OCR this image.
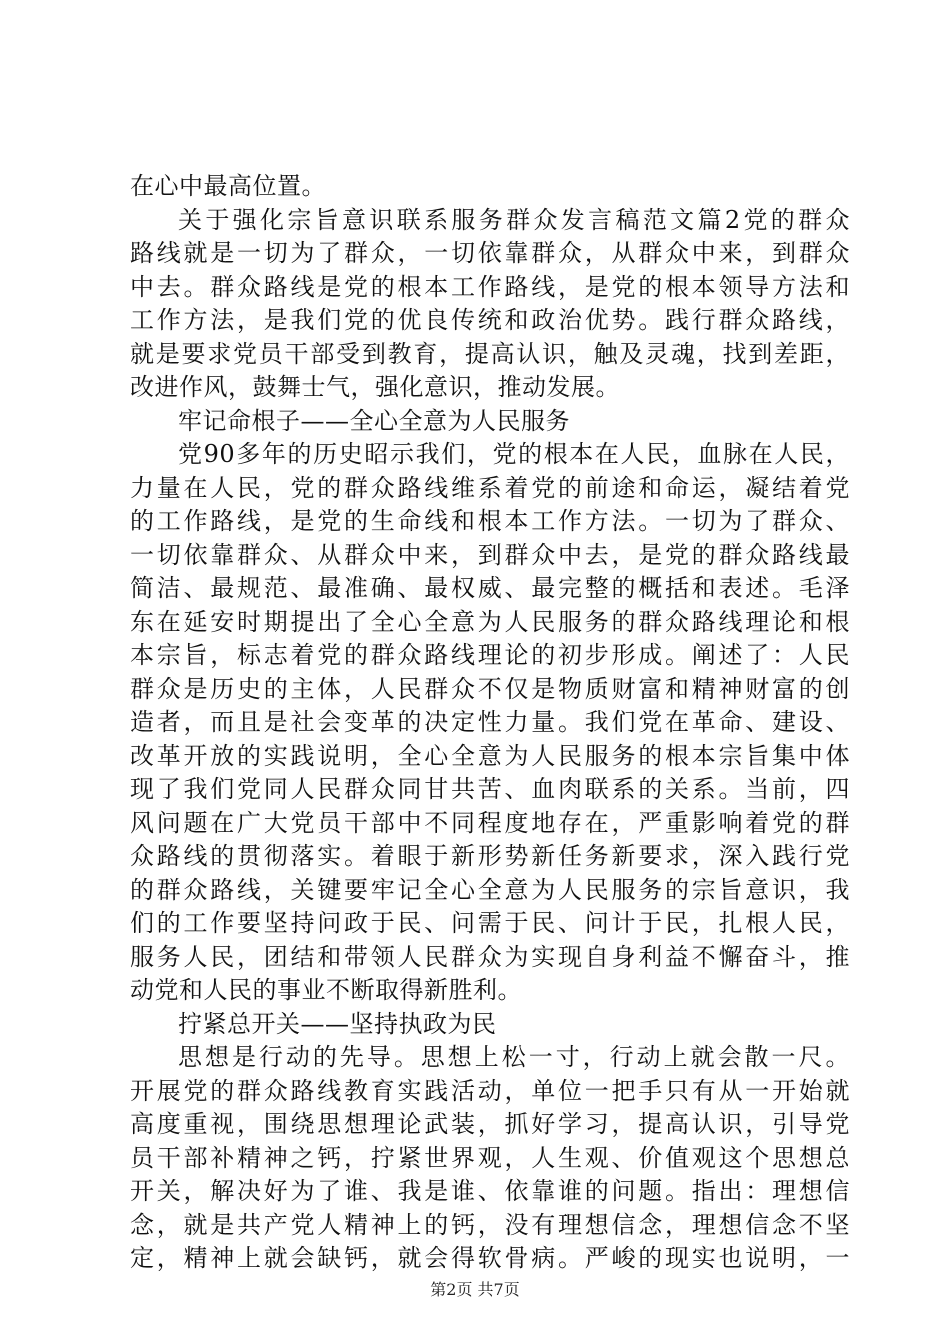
在心中最高位置。
关于强化宗旨意识联系服务群众发言稿范文篇2党的群众
路线就是一切为了群众，一切依靠群众，从群众中来，到群众
中去。群众路线是党的根本工作路线，是党的根本领导方法和
工作方法，是我们党的优良传统和政治优势。践行群众路线，
就是要求党员干部受到教育，提高认识，触及灵魂，找到差距，
改进作风，鼓舞士气，强化意识，推动发展。
牢记命根子——全心全意为人民服务
党90多年的历史昭示我们，党的根本在人民，血脉在人民，
力量在人民，党的群众路线维系着党的前途和命运，凝结着党
的工作路线，是党的生命线和根本工作方法。一切为了群众、
一切依靠群众、从群众中来，到群众中去，是党的群众路线最
简洁、最规范、最准确、最权威、最完整的概括和表述。毛泽
东在延安时期提出了全心全意为人民服务的群众路线理论和根
本宗旨，标志着党的群众路线理论的初步形成。阐述了：人民
群众是历史的主体，人民群众不仅是物质财富和精神财富的创
造者，而且是社会变革的决定性力量。我们党在革命、建设、
改革开放的实践说明，全心全意为人民服务的根本宗旨集中体
现了我们党同人民群众同甘共苦、血肉联系的关系。当前，四
风问题在广大党员干部中不同程度地存在，严重影响着党的群
众路线的贯彻落实。着眼于新形势新任务新要求，深入践行党
的群众路线，关键要牢记全心全意为人民服务的宗旨意识，我
们的工作要坚持问政于民、问需于民、问计于民，扎根人民，
服务人民，团结和带领人民群众为实现自身利益不懈奋斗，推
动党和人民的事业不断取得新胜利。
拧紧总开关——坚持执政为民
思想是行动的先导。思想上松一寸，行动上就会散一尺。
开展党的群众路线教育实践活动，单位一把手只有从一开始就
高度重视，围绕思想理论武装，抓好学习，提高认识，引导党
员干部补精神之钙，拧紧世界观，人生观、价值观这个思想总
开关，解决好为了谁、我是谁、依靠谁的问题。指出：理想信
念，就是共产党人精神上的钙，没有理想信念，理想信念不坚
定，精神上就会缺钙，就会得软骨病。严峻的现实也说明，一
第2页 共7页
